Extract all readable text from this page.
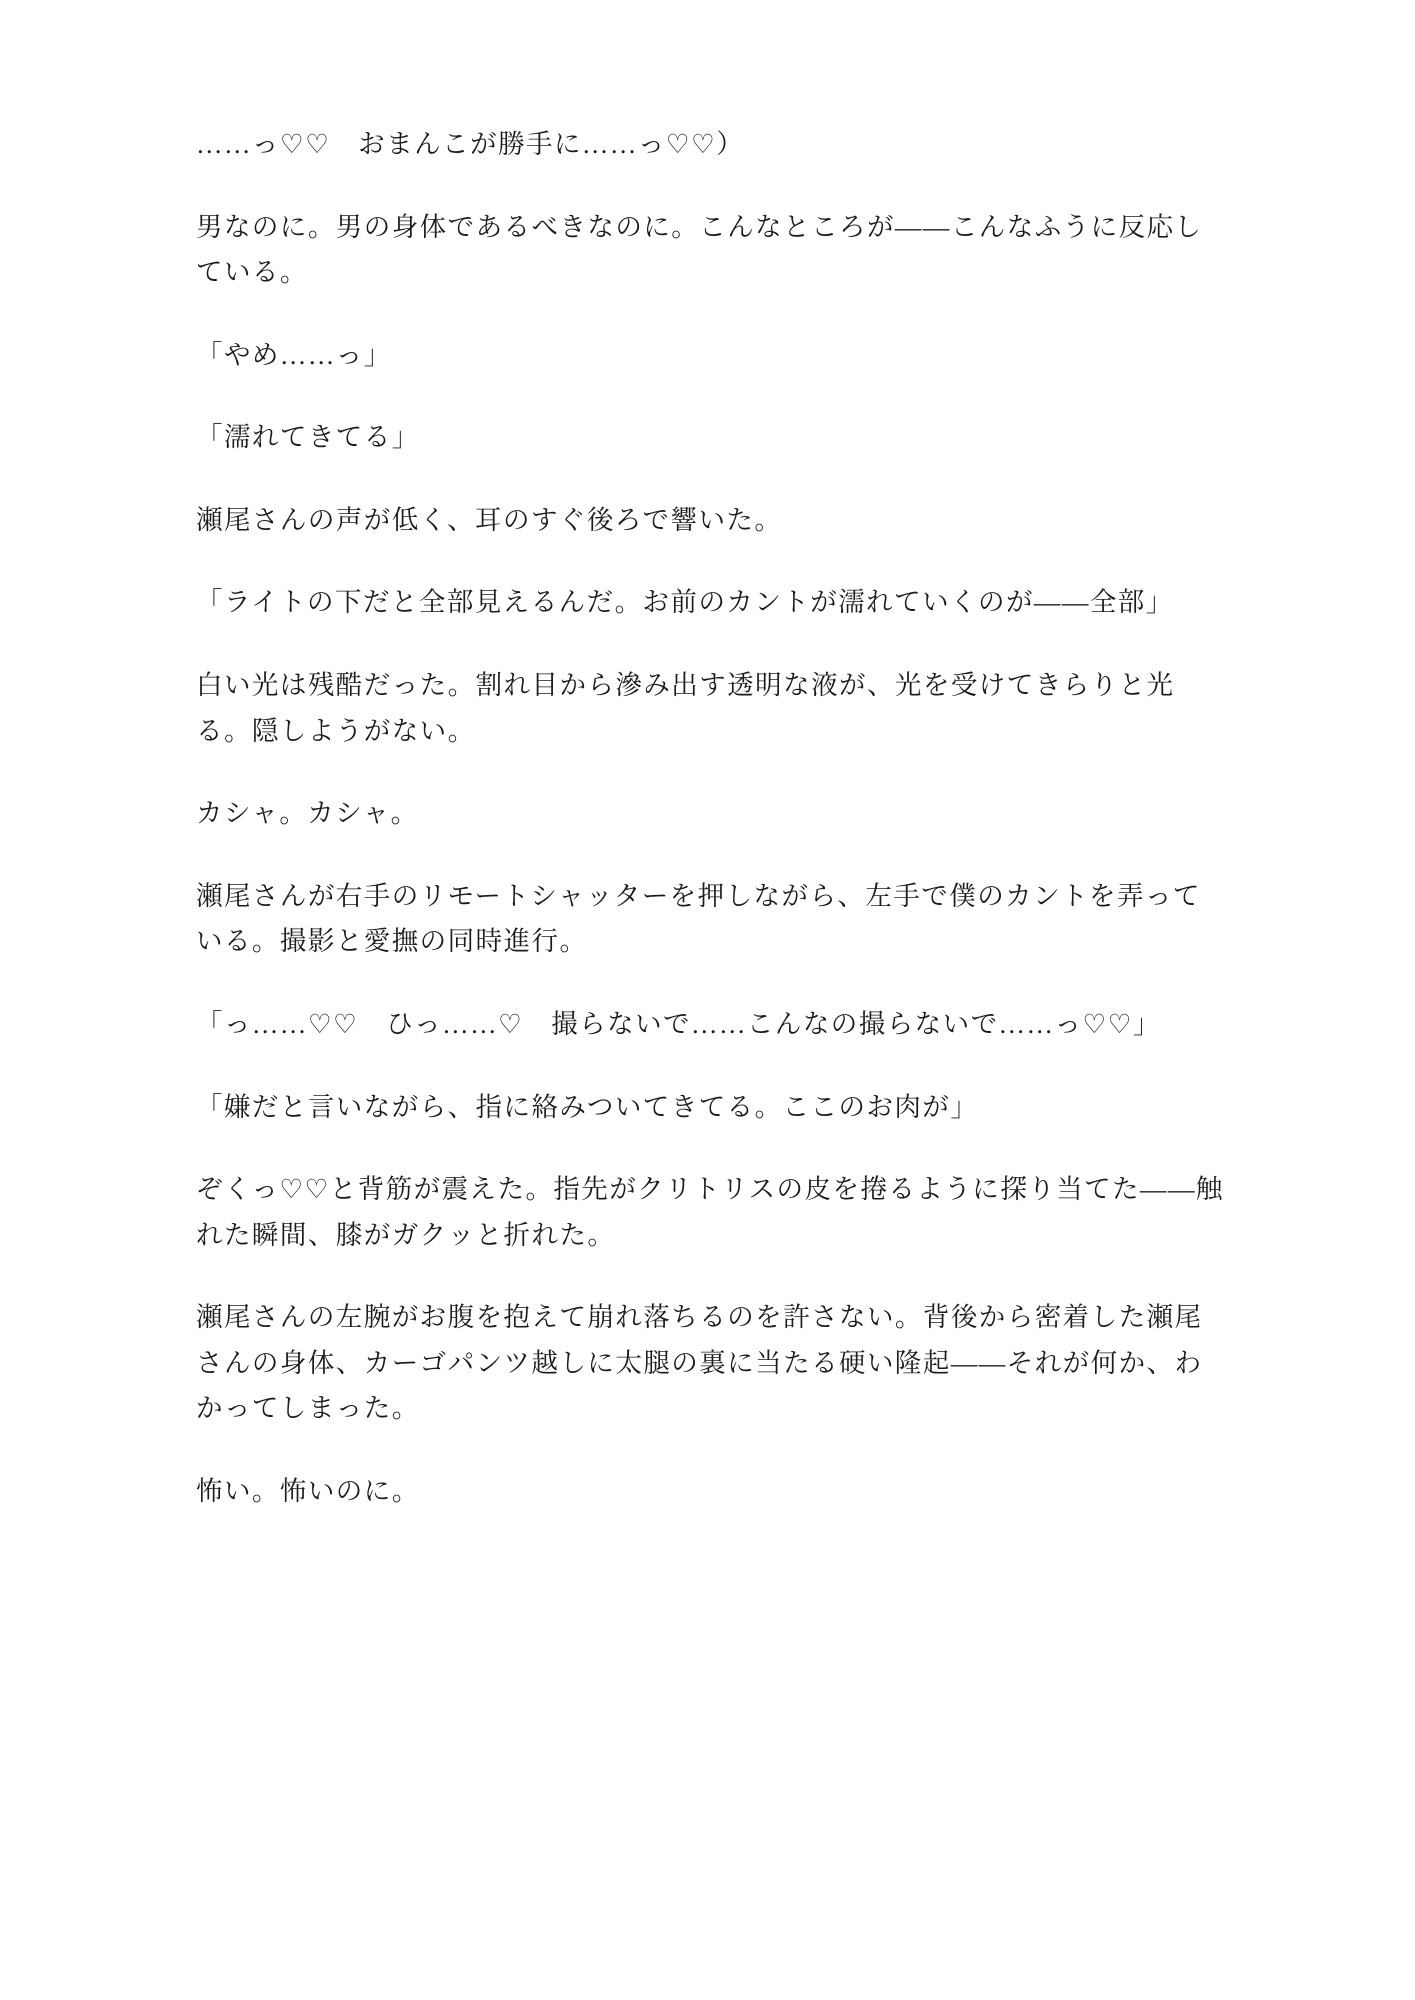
……っ♡♡　おまんこが勝手に……っ♡♡）

男なのに。男の身体であるべきなのに。こんなところが——こんなふうに反応している。

「やめ……っ」

「濡れてきてる」

瀬尾さんの声が低く、耳のすぐ後ろで響いた。

「ライトの下だと全部見えるんだ。お前のカントが濡れていくのが——全部」

白い光は残酷だった。割れ目から滲み出す透明な液が、光を受けてきらりと光る。隠しようがない。

カシャ。カシャ。

瀬尾さんが右手のリモートシャッターを押しながら、左手で僕のカントを弄っている。撮影と愛撫の同時進行。

「っ……♡♡　ひっ……♡　撮らないで……こんなの撮らないで……っ♡♡」

「嫌だと言いながら、指に絡みついてきてる。ここのお肉が」

ぞくっ♡♡と背筋が震えた。指先がクリトリスの皮を捲るように探り当てた——触れた瞬間、膝がガクッと折れた。

瀬尾さんの左腕がお腹を抱えて崩れ落ちるのを許さない。背後から密着した瀬尾さんの身体、カーゴパンツ越しに太腿の裏に当たる硬い隆起——それが何か、わかってしまった。

怖い。怖いのに。
